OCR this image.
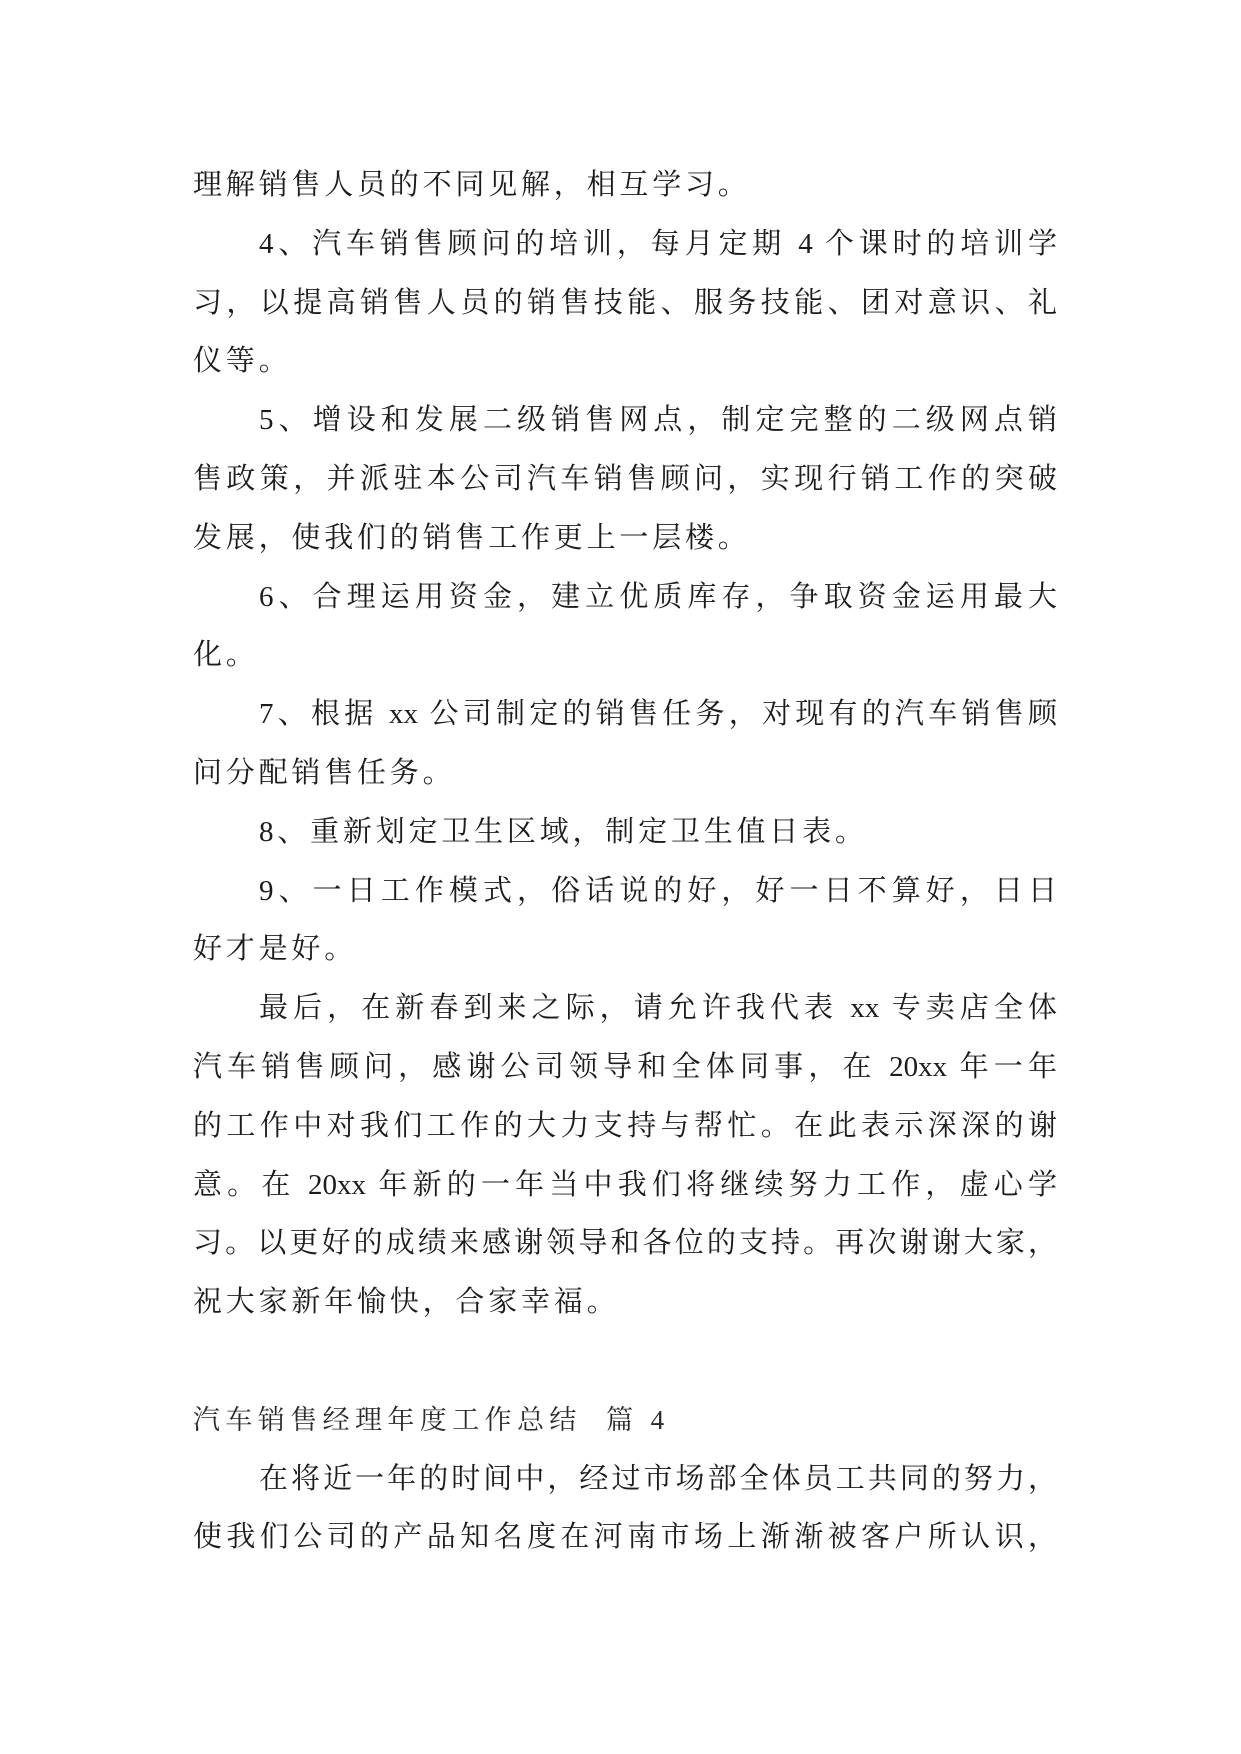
理解销售人员的不同见解，相互学习。
4、汽车销售顾问的培训，每月定期 4 个课时的培训学
习，以提高销售人员的销售技能、服务技能、团对意识、礼
仪等。
5、增设和发展二级销售网点，制定完整的二级网点销
售政策，并派驻本公司汽车销售顾问，实现行销工作的突破
发展，使我们的销售工作更上一层楼。
6、合理运用资金，建立优质库存，争取资金运用最大
化。
7、根据 xx 公司制定的销售任务，对现有的汽车销售顾
问分配销售任务。
8、重新划定卫生区域，制定卫生值日表。
9、一日工作模式，俗话说的好，好一日不算好，日日
好才是好。
最后，在新春到来之际，请允许我代表 xx 专卖店全体
汽车销售顾问，感谢公司领导和全体同事，在 20xx 年一年
的工作中对我们工作的大力支持与帮忙。在此表示深深的谢
意。在 20xx 年新的一年当中我们将继续努力工作，虚心学
习。以更好的成绩来感谢领导和各位的支持。再次谢谢大家，
祝大家新年愉快，合家幸福。
汽车销售经理年度工作总结  篇 4
在将近一年的时间中，经过市场部全体员工共同的努力，
使我们公司的产品知名度在河南市场上渐渐被客户所认识，
